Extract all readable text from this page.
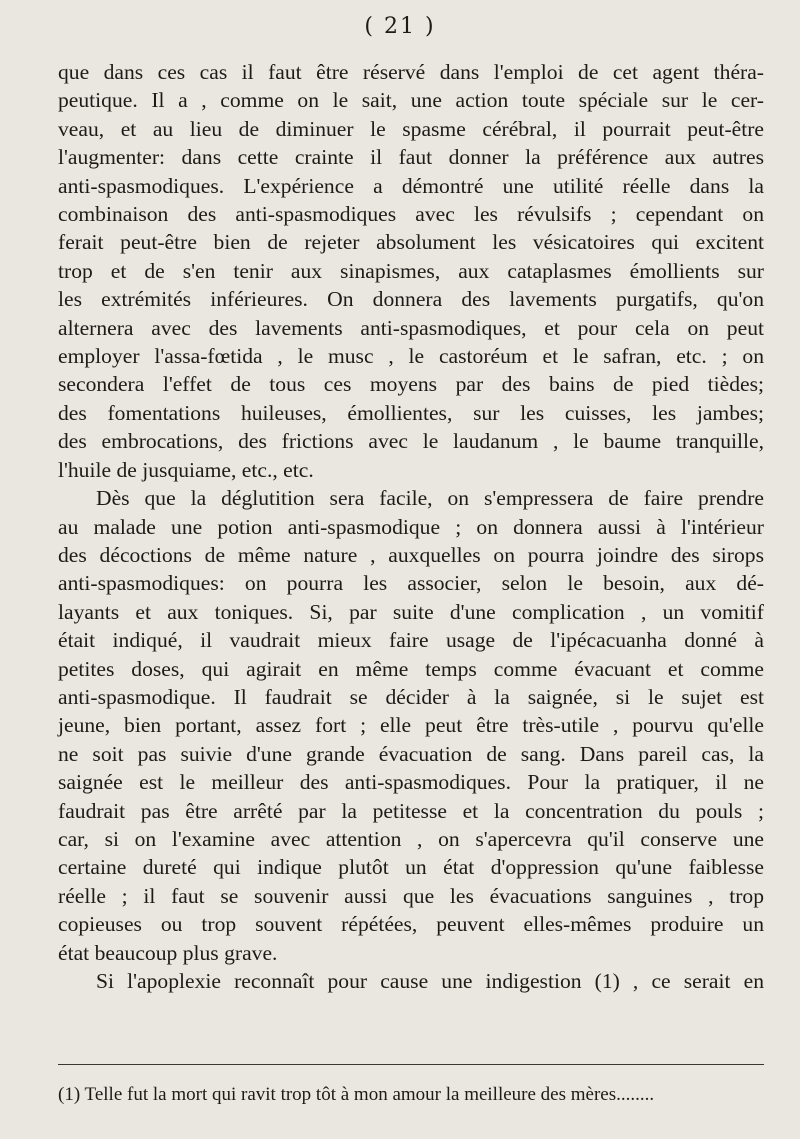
( 21 )
que dans ces cas il faut être réservé dans l'emploi de cet agent théra-
peutique. Il a , comme on le sait, une action toute spéciale sur le cer-
veau, et au lieu de diminuer le spasme cérébral, il pourrait peut-être
l'augmenter: dans cette crainte il faut donner la préférence aux autres
anti-spasmodiques. L'expérience a démontré une utilité réelle dans la
combinaison des anti-spasmodiques avec les révulsifs ; cependant on
ferait peut-être bien de rejeter absolument les vésicatoires qui excitent
trop et de s'en tenir aux sinapismes, aux cataplasmes émollients sur
les extrémités inférieures. On donnera des lavements purgatifs, qu'on
alternera avec des lavements anti-spasmodiques, et pour cela on peut
employer l'assa-fœtida , le musc , le castoréum et le safran, etc. ; on
secondera l'effet de tous ces moyens par des bains de pied tièdes;
des fomentations huileuses, émollientes, sur les cuisses, les jambes;
des embrocations, des frictions avec le laudanum , le baume tranquille,
l'huile de jusquiame, etc., etc.
Dès que la déglutition sera facile, on s'empressera de faire prendre
au malade une potion anti-spasmodique ; on donnera aussi à l'intérieur
des décoctions de même nature , auxquelles on pourra joindre des sirops
anti-spasmodiques: on pourra les associer, selon le besoin, aux dé-
layants et aux toniques. Si, par suite d'une complication , un vomitif
était indiqué, il vaudrait mieux faire usage de l'ipécacuanha donné à
petites doses, qui agirait en même temps comme évacuant et comme
anti-spasmodique. Il faudrait se décider à la saignée, si le sujet est
jeune, bien portant, assez fort ; elle peut être très-utile , pourvu qu'elle
ne soit pas suivie d'une grande évacuation de sang. Dans pareil cas, la
saignée est le meilleur des anti-spasmodiques. Pour la pratiquer, il ne
faudrait pas être arrêté par la petitesse et la concentration du pouls ;
car, si on l'examine avec attention , on s'apercevra qu'il conserve une
certaine dureté qui indique plutôt un état d'oppression qu'une faiblesse
réelle ; il faut se souvenir aussi que les évacuations sanguines , trop
copieuses ou trop souvent répétées, peuvent elles-mêmes produire un
état beaucoup plus grave.
Si l'apoplexie reconnaît pour cause une indigestion (1) , ce serait en
(1) Telle fut la mort qui ravit trop tôt à mon amour la meilleure des mères........
